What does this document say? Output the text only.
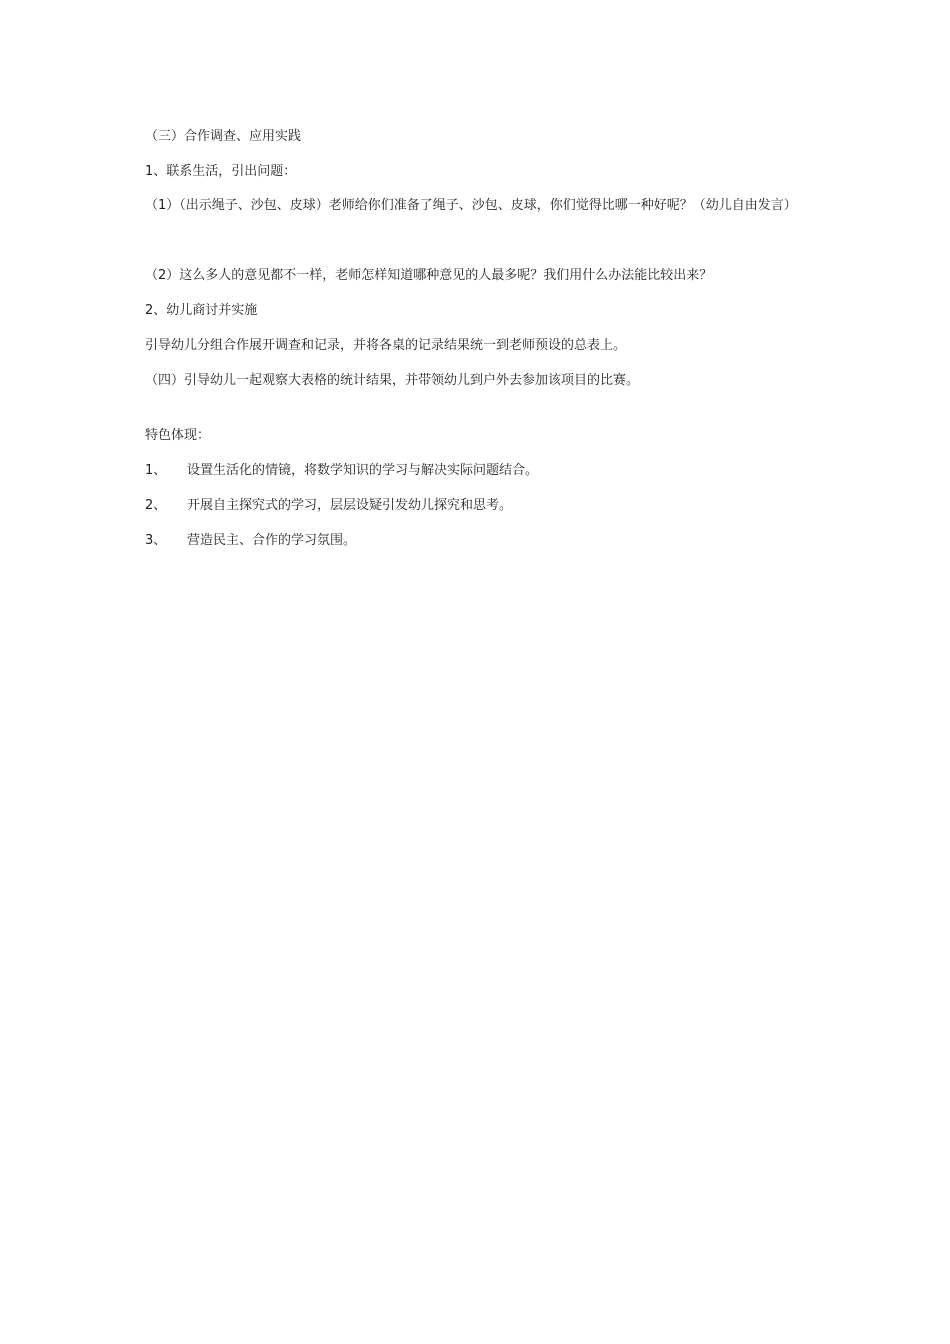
（三）合作调查、应用实践
1、联系生活，引出问题：
（1）（出示绳子、沙包、皮球）老师给你们准备了绳子、沙包、皮球，你们觉得比哪一种好呢？（幼儿自由发言）
（2）这么多人的意见都不一样，老师怎样知道哪种意见的人最多呢？我们用什么办法能比较出来？
2、幼儿商讨并实施
引导幼儿分组合作展开调查和记录，并将各桌的记录结果统一到老师预设的总表上。
（四）引导幼儿一起观察大表格的统计结果，并带领幼儿到户外去参加该项目的比赛。
特色体现：
1、 设置生活化的情镜，将数学知识的学习与解决实际问题结合。
2、 开展自主探究式的学习，层层设疑引发幼儿探究和思考。
3、 营造民主、合作的学习氛围。
